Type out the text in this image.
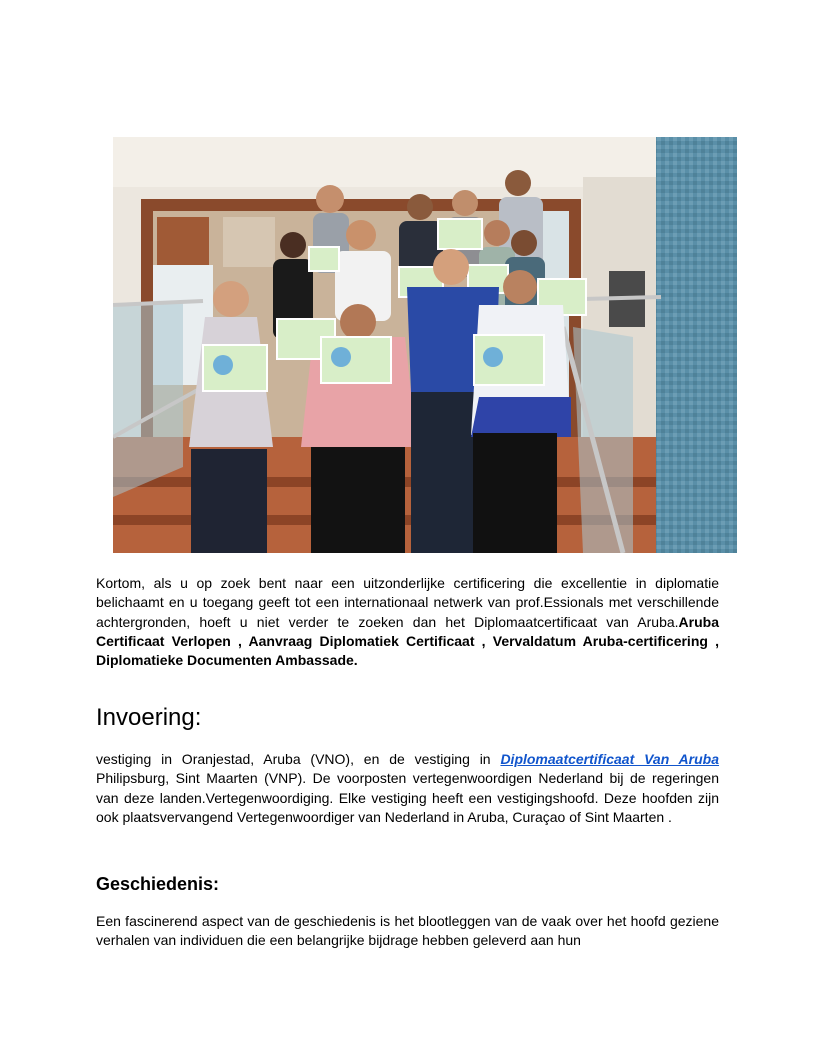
Kortom, als u op zoek bent naar een uitzonderlijke certificering die excellentie in diplomatie belichaamt en u toegang geeft tot een internationaal netwerk van prof.Essionals met verschillende achtergronden, hoeft u niet verder te zoeken dan het Diplomaatcertificaat van Aruba.Aruba Certificaat Verlopen , Aanvraag Diplomatiek Certificaat , Vervaldatum Aruba-certificering , Diplomatieke Documenten Ambassade.

Invoering:

vestiging in Oranjestad, Aruba (VNO), en de vestiging in Diplomaatcertificaat Van Aruba Philipsburg, Sint Maarten (VNP). De voorposten vertegenwoordigen Nederland bij de regeringen van deze landen.Vertegenwoordiging. Elke vestiging heeft een vestigingshoofd. Deze hoofden zijn ook plaatsvervangend Vertegenwoordiger van Nederland in Aruba, Curaçao of Sint Maarten .

Geschiedenis:

Een fascinerend aspect van de geschiedenis is het blootleggen van de vaak over het hoofd geziene verhalen van individuen die een belangrijke bijdrage hebben geleverd aan hun
